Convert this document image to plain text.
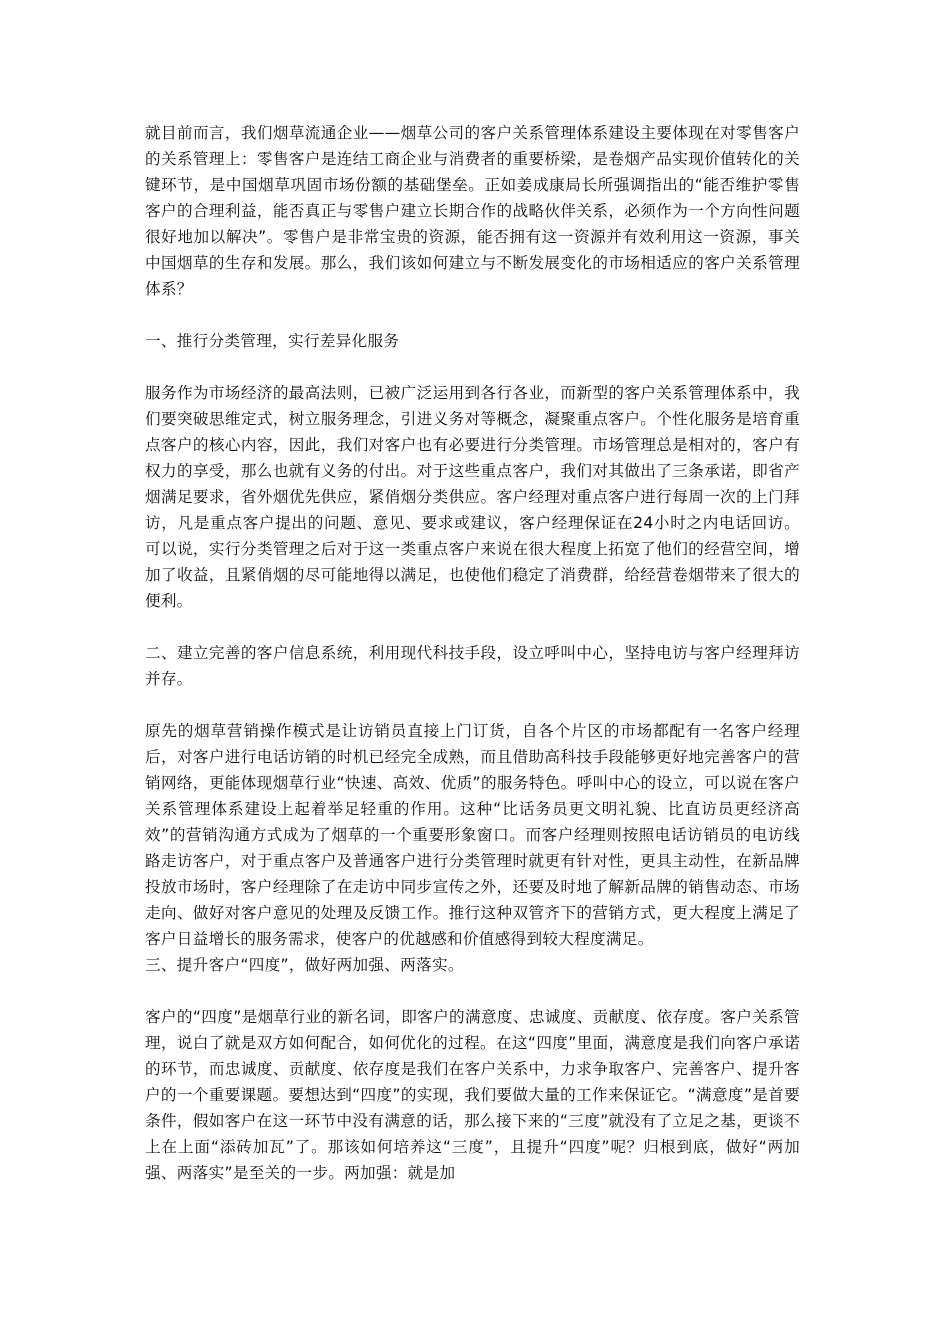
就目前而言，我们烟草流通企业——烟草公司的客户关系管理体系建设主要体现在对零售客户的关系管理上：零售客户是连结工商企业与消费者的重要桥梁，是卷烟产品实现价值转化的关键环节，是中国烟草巩固市场份额的基础堡垒。正如姜成康局长所强调指出的“能否维护零售客户的合理利益，能否真正与零售户建立长期合作的战略伙伴关系，必须作为一个方向性问题很好地加以解决”。零售户是非常宝贵的资源，能否拥有这一资源并有效利用这一资源，事关中国烟草的生存和发展。那么，我们该如何建立与不断发展变化的市场相适应的客户关系管理体系？

一、推行分类管理，实行差异化服务

服务作为市场经济的最高法则，已被广泛运用到各行各业，而新型的客户关系管理体系中，我们要突破思维定式，树立服务理念，引进义务对等概念，凝聚重点客户。个性化服务是培育重点客户的核心内容，因此，我们对客户也有必要进行分类管理。市场管理总是相对的，客户有权力的享受，那么也就有义务的付出。对于这些重点客户，我们对其做出了三条承诺，即省产烟满足要求，省外烟优先供应，紧俏烟分类供应。客户经理对重点客户进行每周一次的上门拜访，凡是重点客户提出的问题、意见、要求或建议，客户经理保证在24小时之内电话回访。可以说，实行分类管理之后对于这一类重点客户来说在很大程度上拓宽了他们的经营空间，增加了收益，且紧俏烟的尽可能地得以满足，也使他们稳定了消费群，给经营卷烟带来了很大的便利。

二、建立完善的客户信息系统，利用现代科技手段，设立呼叫中心，坚持电访与客户经理拜访并存。

原先的烟草营销操作模式是让访销员直接上门订货，自各个片区的市场都配有一名客户经理后，对客户进行电话访销的时机已经完全成熟，而且借助高科技手段能够更好地完善客户的营销网络，更能体现烟草行业“快速、高效、优质”的服务特色。呼叫中心的设立，可以说在客户关系管理体系建设上起着举足轻重的作用。这种“比话务员更文明礼貌、比直访员更经济高效”的营销沟通方式成为了烟草的一个重要形象窗口。而客户经理则按照电话访销员的电访线路走访客户，对于重点客户及普通客户进行分类管理时就更有针对性，更具主动性，在新品牌投放市场时，客户经理除了在走访中同步宣传之外，还要及时地了解新品牌的销售动态、市场走向、做好对客户意见的处理及反馈工作。推行这种双管齐下的营销方式，更大程度上满足了客户日益增长的服务需求，使客户的优越感和价值感得到较大程度满足。

三、提升客户“四度”，做好两加强、两落实。

客户的“四度”是烟草行业的新名词，即客户的满意度、忠诚度、贡献度、依存度。客户关系管理，说白了就是双方如何配合，如何优化的过程。在这“四度”里面，满意度是我们向客户承诺的环节，而忠诚度、贡献度、依存度是我们在客户关系中，力求争取客户、完善客户、提升客户的一个重要课题。要想达到“四度”的实现，我们要做大量的工作来保证它。“满意度”是首要条件，假如客户在这一环节中没有满意的话，那么接下来的“三度”就没有了立足之基，更谈不上在上面“添砖加瓦”了。那该如何培养这“三度”，且提升“四度”呢？归根到底，做好“两加强、两落实”是至关的一步。两加强：就是加
